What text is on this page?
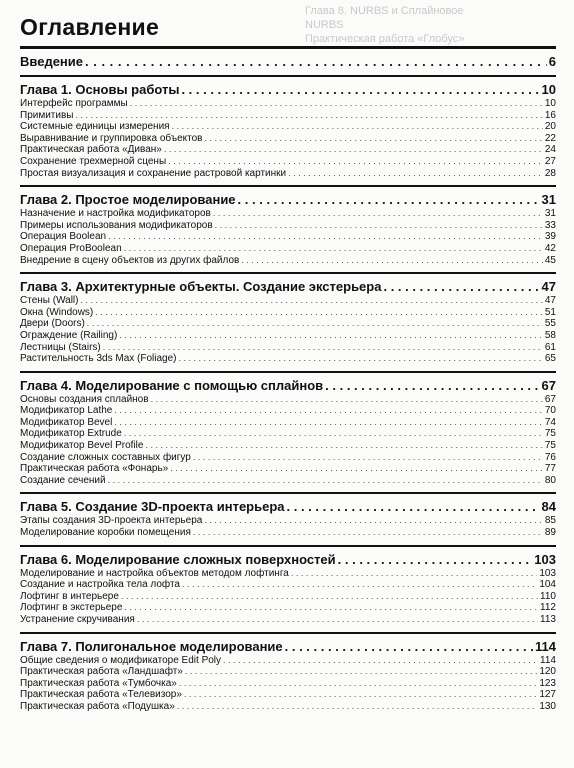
Глава 8. NURBS и Сплайновое
NURBS
Практическая работа «Глобус»
Оглавление
Введение . . .	6
Глава 1. Основы работы . . .	10
Интерфейс программы . . .	10
Примитивы . . .	16
Системные единицы измерения . . .	20
Выравнивание и группировка объектов . . .	22
Практическая работа «Диван» . . .	24
Сохранение трехмерной сцены . . .	27
Простая визуализация и сохранение растровой картинки . . .	28
Глава 2. Простое моделирование . . .	31
Назначение и настройка модификаторов . . .	31
Примеры использования модификаторов . . .	33
Операция Boolean . . .	39
Операция ProBoolean . . .	42
Внедрение в сцену объектов из других файлов . . .	45
Глава 3. Архитектурные объекты. Создание экстерьера . . .	47
Стены (Wall) . . .	47
Окна (Windows) . . .	51
Двери (Doors) . . .	55
Ограждение (Railing) . . .	58
Лестницы (Stairs) . . .	61
Растительность 3ds Max (Foliage) . . .	65
Глава 4. Моделирование с помощью сплайнов . . .	67
Основы создания сплайнов . . .	67
Модификатор Lathe . . .	70
Модификатор Bevel . . .	74
Модификатор Extrude . . .	75
Модификатор Bevel Profile . . .	75
Создание сложных составных фигур . . .	76
Практическая работа «Фонарь» . . .	77
Создание сечений . . .	80
Глава 5. Создание 3D-проекта интерьера . . .	84
Этапы создания 3D-проекта интерьера . . .	85
Моделирование коробки помещения . . .	89
Глава 6. Моделирование сложных поверхностей . . .	103
Моделирование и настройка объектов методом лофтинга . . .	103
Создание и настройка тела лофта . . .	104
Лофтинг в интерьере . . .	110
Лофтинг в экстерьере . . .	112
Устранение скручивания . . .	113
Глава 7. Полигональное моделирование . . .	114
Общие сведения о модификаторе Edit Poly . . .	114
Практическая работа «Ландшафт» . . .	120
Практическая работа «Тумбочка» . . .	123
Практическая работа «Телевизор» . . .	127
Практическая работа «Подушка» . . .	130
